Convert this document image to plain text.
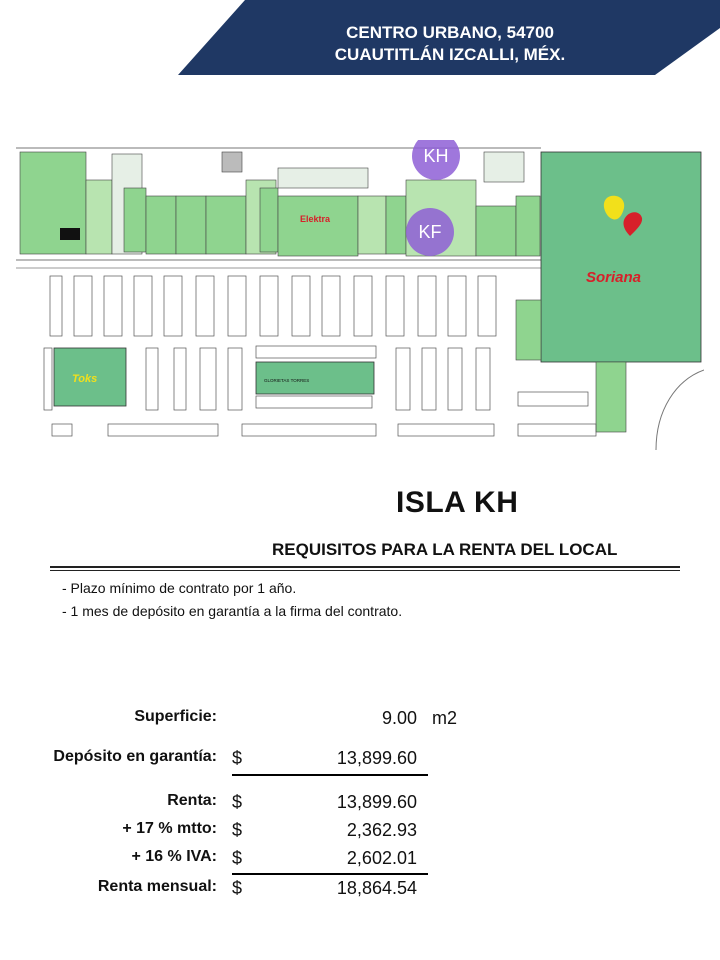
CENTRO URBANO, 54700
CUAUTITLÁN IZCALLI, MÉX.
Elektra
Soriana
Toks	GLORIETAS TORRES
KH
KF
ISLA KH
REQUISITOS PARA LA RENTA DEL LOCAL
- Plazo mínimo de contrato por 1 año.
- 1 mes de depósito en garantía a la firma del contrato.
Superficie:	9.00 m2
Depósito en garantía: $	13,899.60
Renta: $	13,899.60
+ 17 % mtto: $	2,362.93
+ 16 % IVA: $	2,602.01
Renta mensual: $	18,864.54
